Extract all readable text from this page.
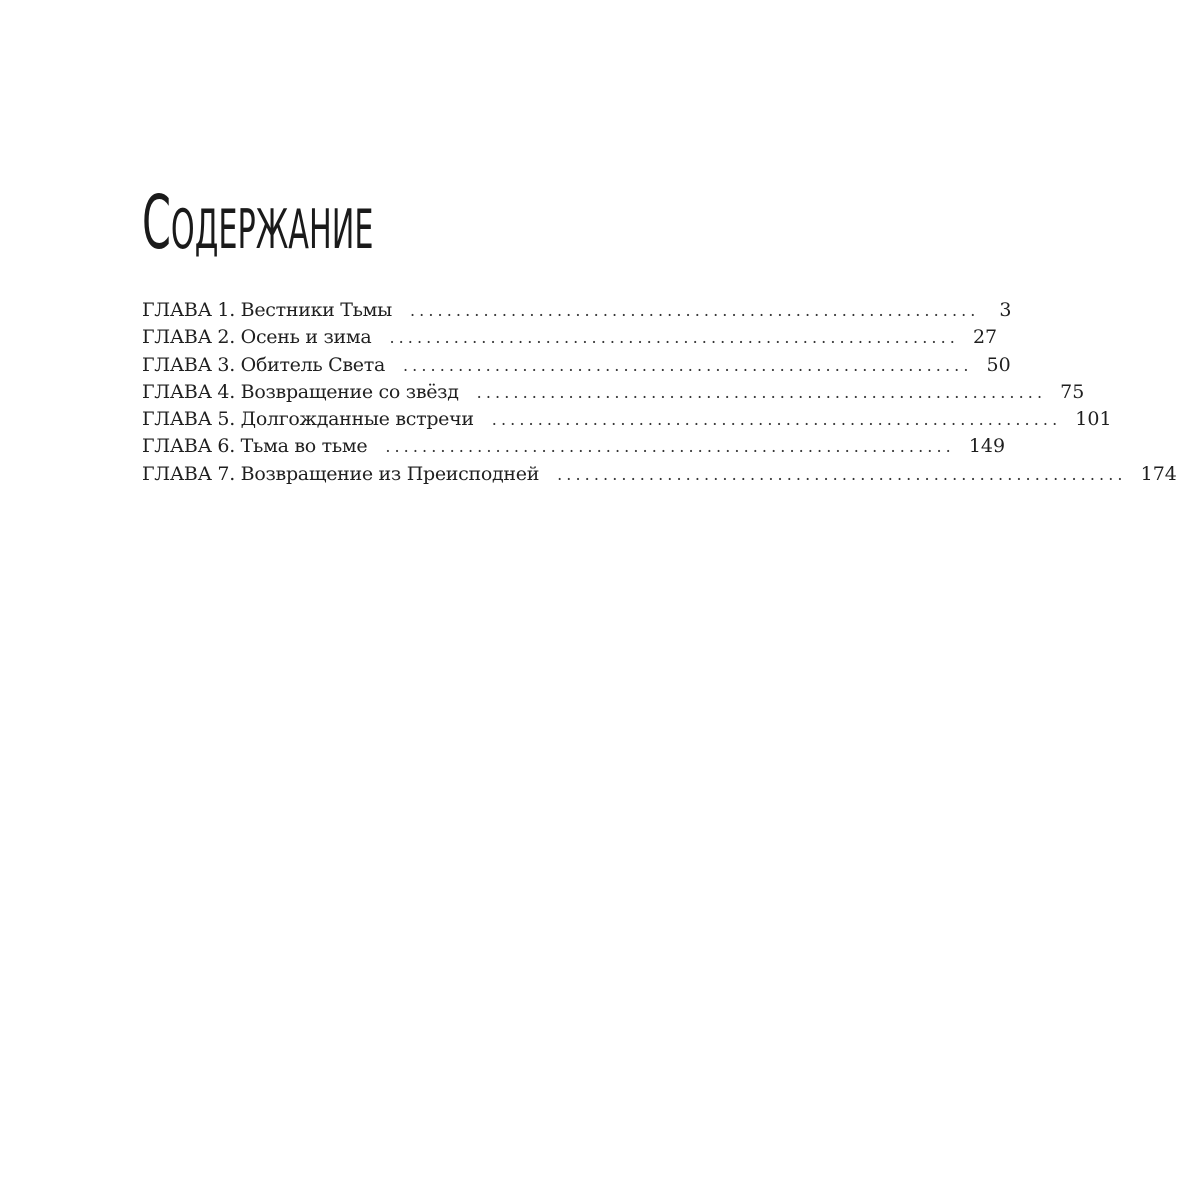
СОДЕРЖАНИЕ
ГЛАВА 1. Вестники Тьмы ..............................................................	3
ГЛАВА 2. Осень и зима .............................................................. 27
ГЛАВА 3. Обитель Света .............................................................. 50
ГЛАВА 4. Возвращение со звёзд .............................................................. 75
ГЛАВА 5. Долгожданные встречи .............................................................. 101
ГЛАВА 6. Тьма во тьме .............................................................. 149
ГЛАВА 7. Возвращение из Преисподней .............................................................. 174
